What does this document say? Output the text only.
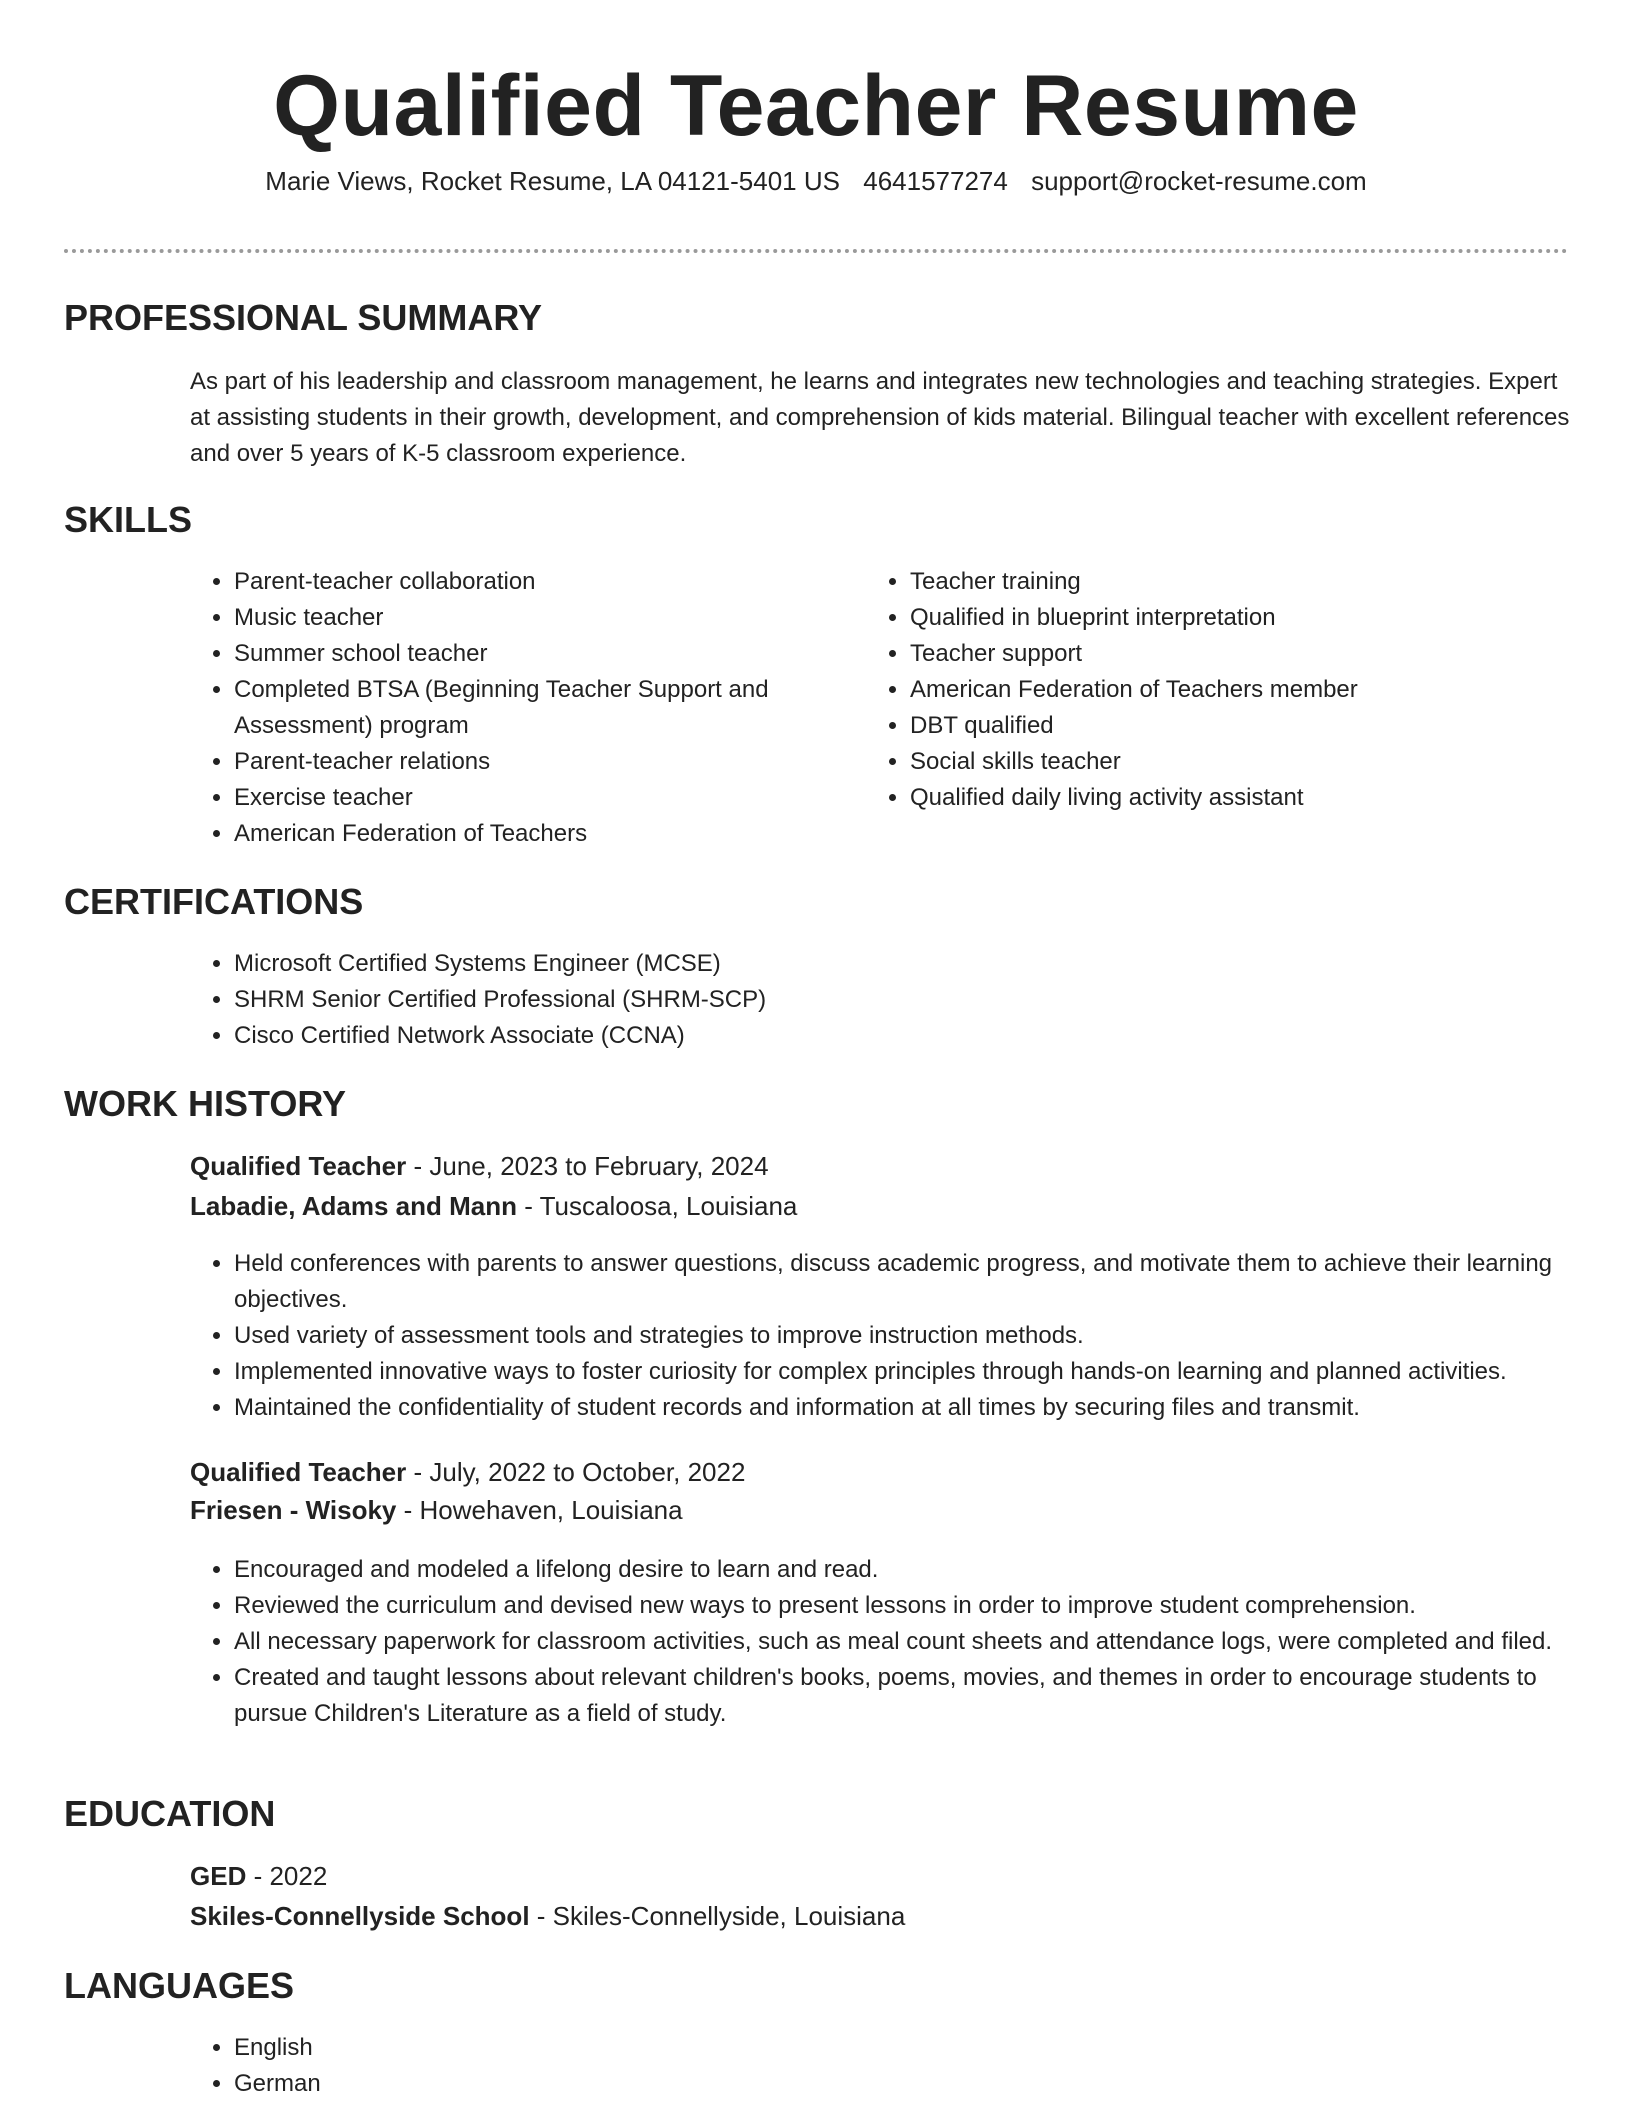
Qualified Teacher Resume

Marie Views, Rocket Resume, LA 04121-5401 US 4641577274 support@rocket-resume.com

PROFESSIONAL SUMMARY

As part of his leadership and classroom management, he learns and integrates new technologies and teaching strategies. Expert at assisting students in their growth, development, and comprehension of kids material. Bilingual teacher with excellent references and over 5 years of K-5 classroom experience.

SKILLS
• Parent-teacher collaboration
• Music teacher
• Summer school teacher
• Completed BTSA (Beginning Teacher Support and Assessment) program
• Parent-teacher relations
• Exercise teacher
• American Federation of Teachers
• Teacher training
• Qualified in blueprint interpretation
• Teacher support
• American Federation of Teachers member
• DBT qualified
• Social skills teacher
• Qualified daily living activity assistant
CERTIFICATIONS
• Microsoft Certified Systems Engineer (MCSE)
• SHRM Senior Certified Professional (SHRM-SCP)
• Cisco Certified Network Associate (CCNA)
WORK HISTORY

Qualified Teacher - June, 2023 to February, 2024

Labadie, Adams and Mann - Tuscaloosa, Louisiana

• Held conferences with parents to answer questions, discuss academic progress, and motivate them to achieve their learning objectives.
• Used variety of assessment tools and strategies to improve instruction methods.
• Implemented innovative ways to foster curiosity for complex principles through hands-on learning and planned activities.
• Maintained the confidentiality of student records and information at all times by securing files and transmit.

Qualified Teacher - July, 2022 to October, 2022

Friesen - Wisoky - Howehaven, Louisiana

• Encouraged and modeled a lifelong desire to learn and read.
• Reviewed the curriculum and devised new ways to present lessons in order to improve student comprehension.
• All necessary paperwork for classroom activities, such as meal count sheets and attendance logs, were completed and filed.
• Created and taught lessons about relevant children's books, poems, movies, and themes in order to encourage students to pursue Children's Literature as a field of study.
EDUCATION

GED - 2022

Skiles-Connellyside School - Skiles-Connellyside, Louisiana

LANGUAGES
• English
• German
